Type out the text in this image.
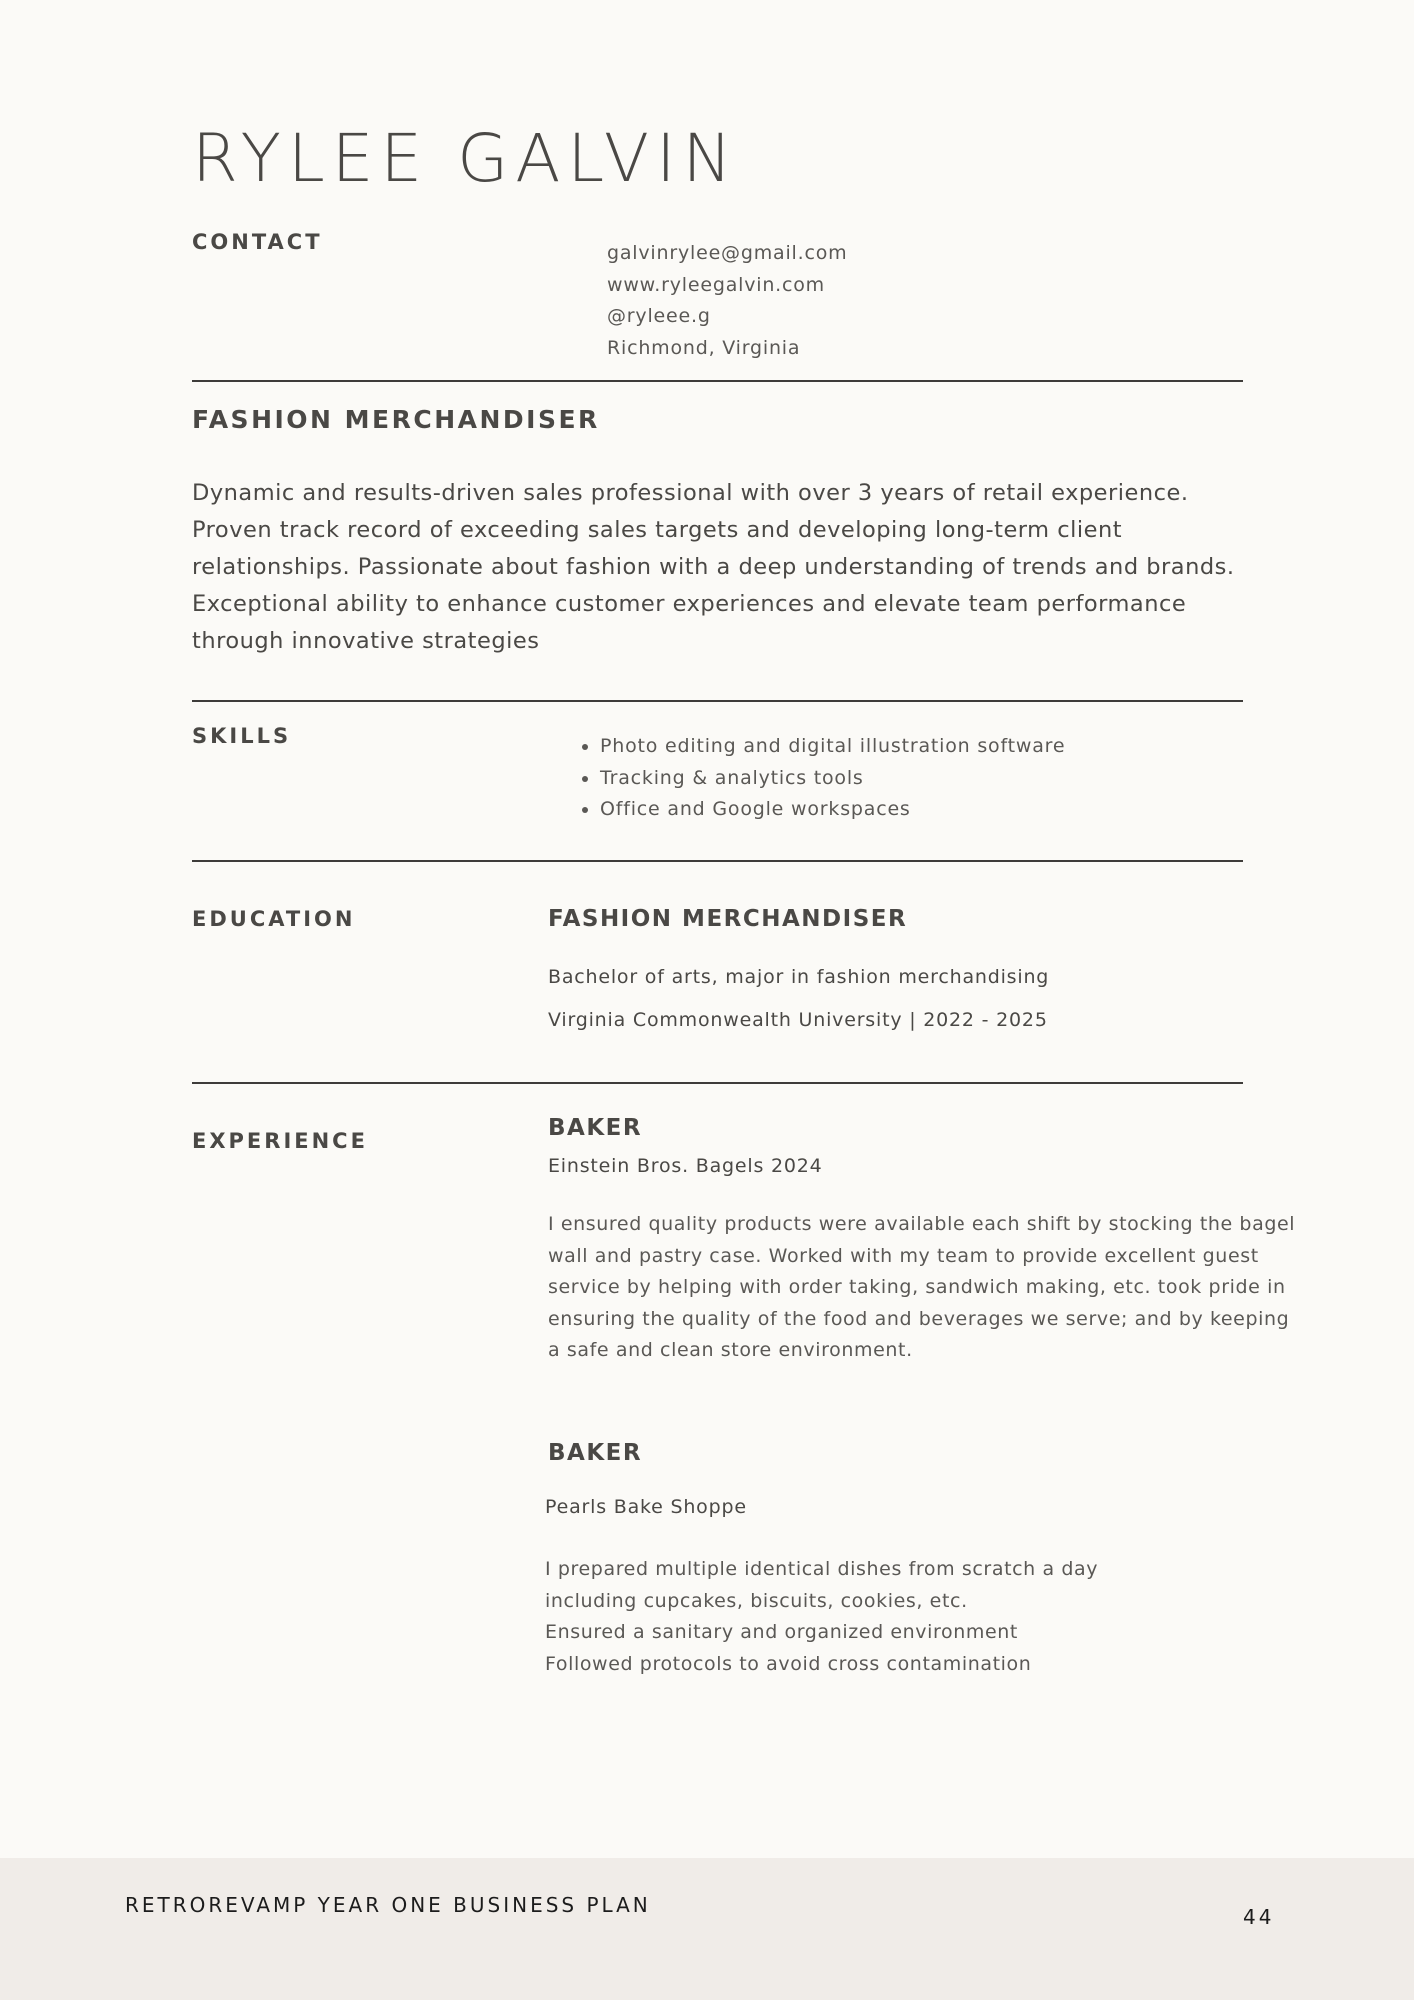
RYLEE GALVIN
CONTACT	galvinrylee@gmail.com
www.ryleegalvin.com
@ryleee.g
Richmond, Virginia
FASHION MERCHANDISER

Dynamic and results-driven sales professional with over 3 years of retail experience. Proven track record of exceeding sales targets and developing long-term client relationships. Passionate about fashion with a deep understanding of trends and brands. Exceptional ability to enhance customer experiences and elevate team performance through innovative strategies

SKILLS
•	Photo editing and digital illustration software
• Tracking & analytics tools
• Office and Google workspaces
EDUCATION	FASHION MERCHANDISER
Bachelor of arts, major in fashion merchandising
Virginia Commonwealth University | 2022 - 2025
EXPERIENCE	BAKER
Einstein Bros. Bagels 2024

I ensured quality products were available each shift by stocking the bagel wall and pastry case. Worked with my team to provide excellent guest service by helping with order taking, sandwich making, etc. took pride in ensuring the quality of the food and beverages we serve; and by keeping a safe and clean store environment.

BAKER
Pearls Bake Shoppe
I prepared multiple identical dishes from scratch a day
including cupcakes, biscuits, cookies, etc.
Ensured a sanitary and organized environment
Followed protocols to avoid cross contamination
RETROREVAMP YEAR ONE BUSINESS PLAN	44
